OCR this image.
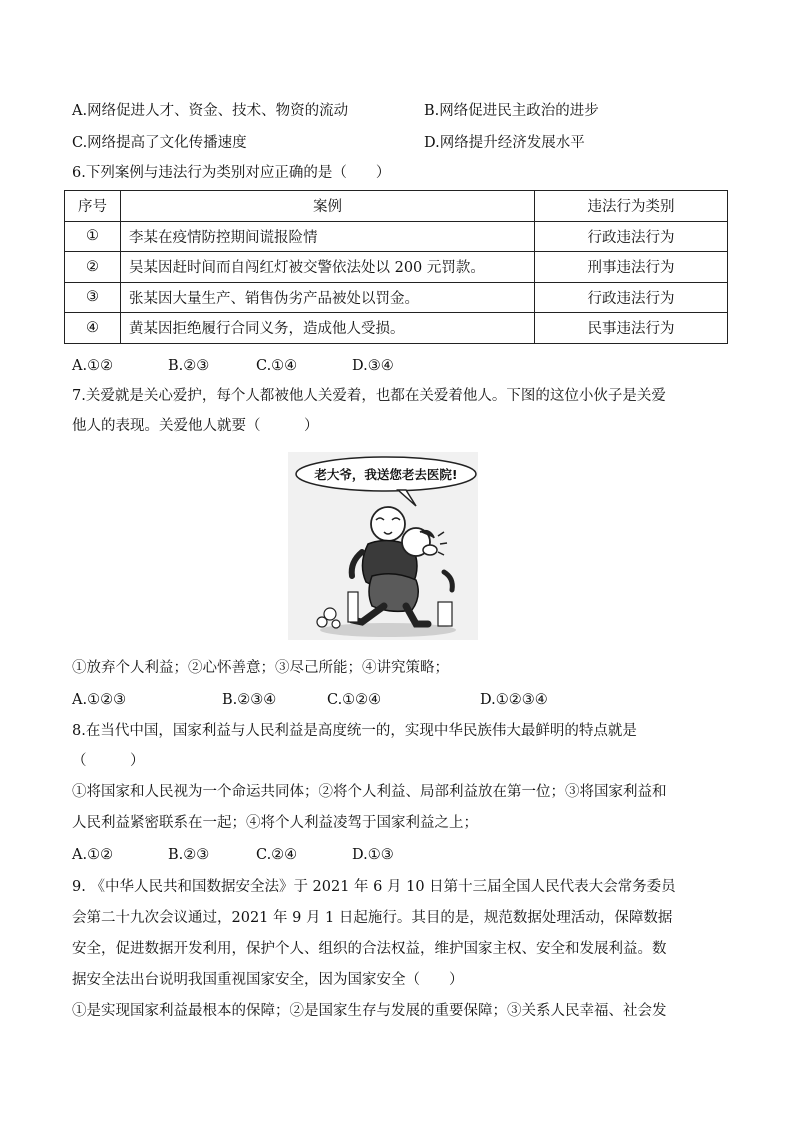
A.网络促进人才、资金、技术、物资的流动	B.网络促进民主政治的进步
C.网络提高了文化传播速度	D.网络提升经济发展水平
6.下列案例与违法行为类别对应正确的是（　　）
序号	案例	违法行为类别
①	李某在疫情防控期间谎报险情	行政违法行为
②	吴某因赶时间而自闯红灯被交警依法处以 200 元罚款。	刑事违法行为
③	张某因大量生产、销售伪劣产品被处以罚金。	行政违法行为
④	黄某因拒绝履行合同义务，造成他人受损。	民事违法行为
A.①②	B.②③	C.①④	D.③④
7.关爱就是关心爱护，每个人都被他人关爱着，也都在关爱着他人。下图的这位小伙子是关爱
他人的表现。关爱他人就要（　　　）
老大爷，我送您老去医院!
①放弃个人利益；②心怀善意；③尽己所能；④讲究策略；
A.①②③	B.②③④	C.①②④	D.①②③④
8.在当代中国，国家利益与人民利益是高度统一的，实现中华民族伟大最鲜明的特点就是
（　　　）
①将国家和人民视为一个命运共同体；②将个人利益、局部利益放在第一位；③将国家利益和
人民利益紧密联系在一起；④将个人利益凌驾于国家利益之上；
A.①②	B.②③	C.②④	D.①③
9. 《中华人民共和国数据安全法》于 2021 年 6 月 10 日第十三届全国人民代表大会常务委员
会第二十九次会议通过，2021 年 9 月 1 日起施行。其目的是，规范数据处理活动，保障数据
安全，促进数据开发利用，保护个人、组织的合法权益，维护国家主权、安全和发展利益。数
据安全法出台说明我国重视国家安全，因为国家安全（　　）
①是实现国家利益最根本的保障；②是国家生存与发展的重要保障；③关系人民幸福、社会发
